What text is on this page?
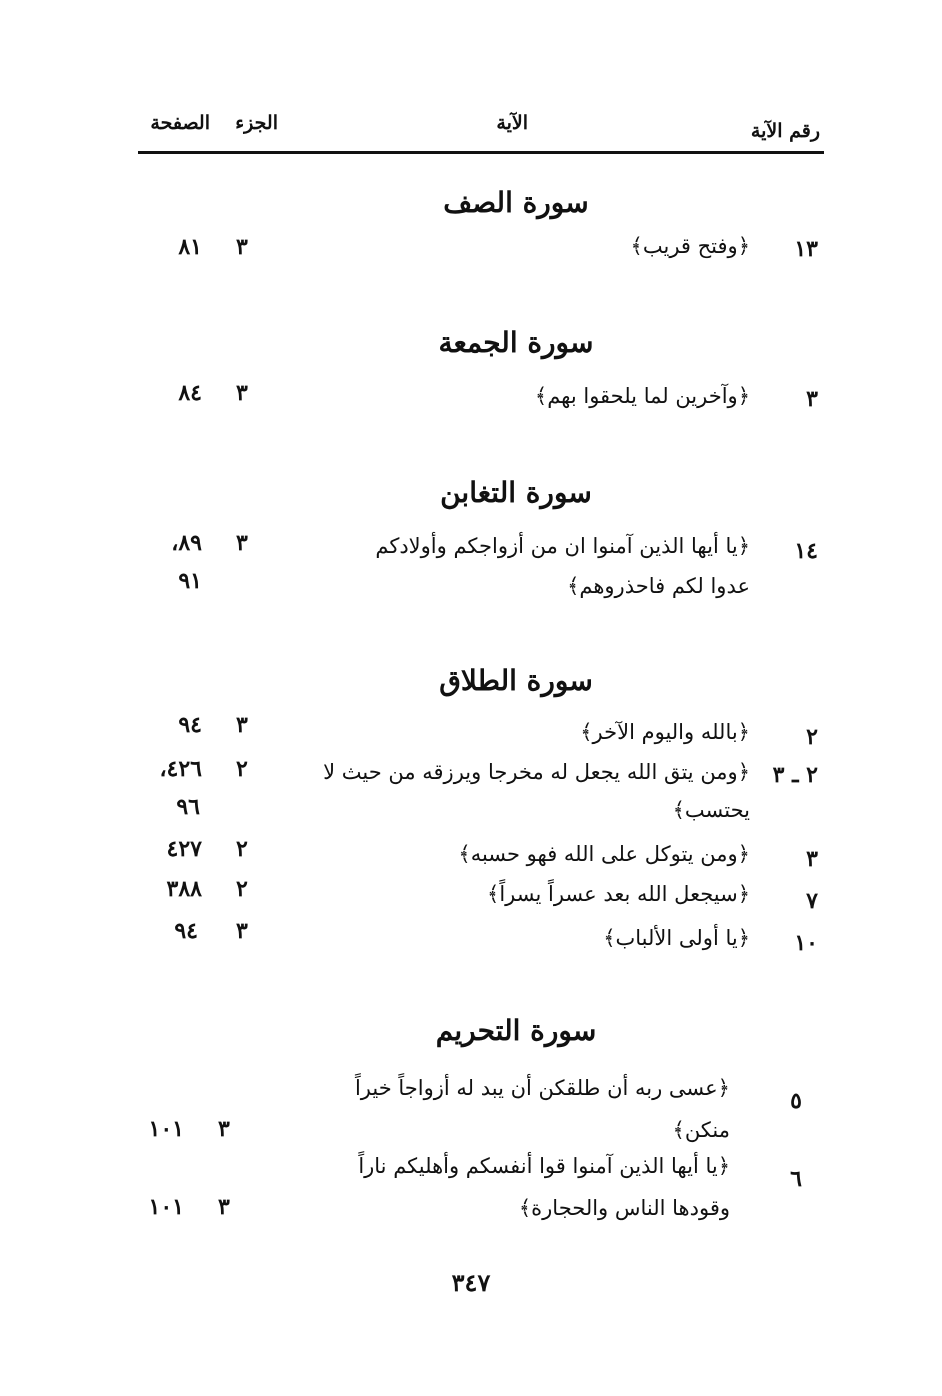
رقم الآية
الآية
الجزء
الصفحة
سورة الصف
١٣
﴿وفتح قريب﴾
٣
٨١
سورة الجمعة
٣
﴿وآخرين لما يلحقوا بهم﴾
٣
٨٤
سورة التغابن
١٤
﴿يا أيها الذين آمنوا ان من أزواجكم وأولادكم
عدوا لكم فاحذروهم﴾
٣
٨٩،
٩١
سورة الطلاق
٢
﴿بالله واليوم الآخر﴾
٣
٩٤
٢ ـ ٣
﴿ومن يتق الله يجعل له مخرجا ويرزقه من حيث لا
يحتسب﴾
٢
٤٢٦،
٩٦
٣
﴿ومن يتوكل على الله فهو حسبه﴾
٢
٤٢٧
٧
﴿سيجعل الله بعد عسراً يسراً﴾
٢
٣٨٨
١٠
﴿يا أولى الألباب﴾
٣
٩٤
سورة التحريم
٥
﴿عسى ربه أن طلقكن أن يبد له أزواجاً خيراً
منكن﴾
٣
١٠١
٦
﴿يا أيها الذين آمنوا قوا أنفسكم وأهليكم ناراً
وقودها الناس والحجارة﴾
٣
١٠١
٣٤٧
